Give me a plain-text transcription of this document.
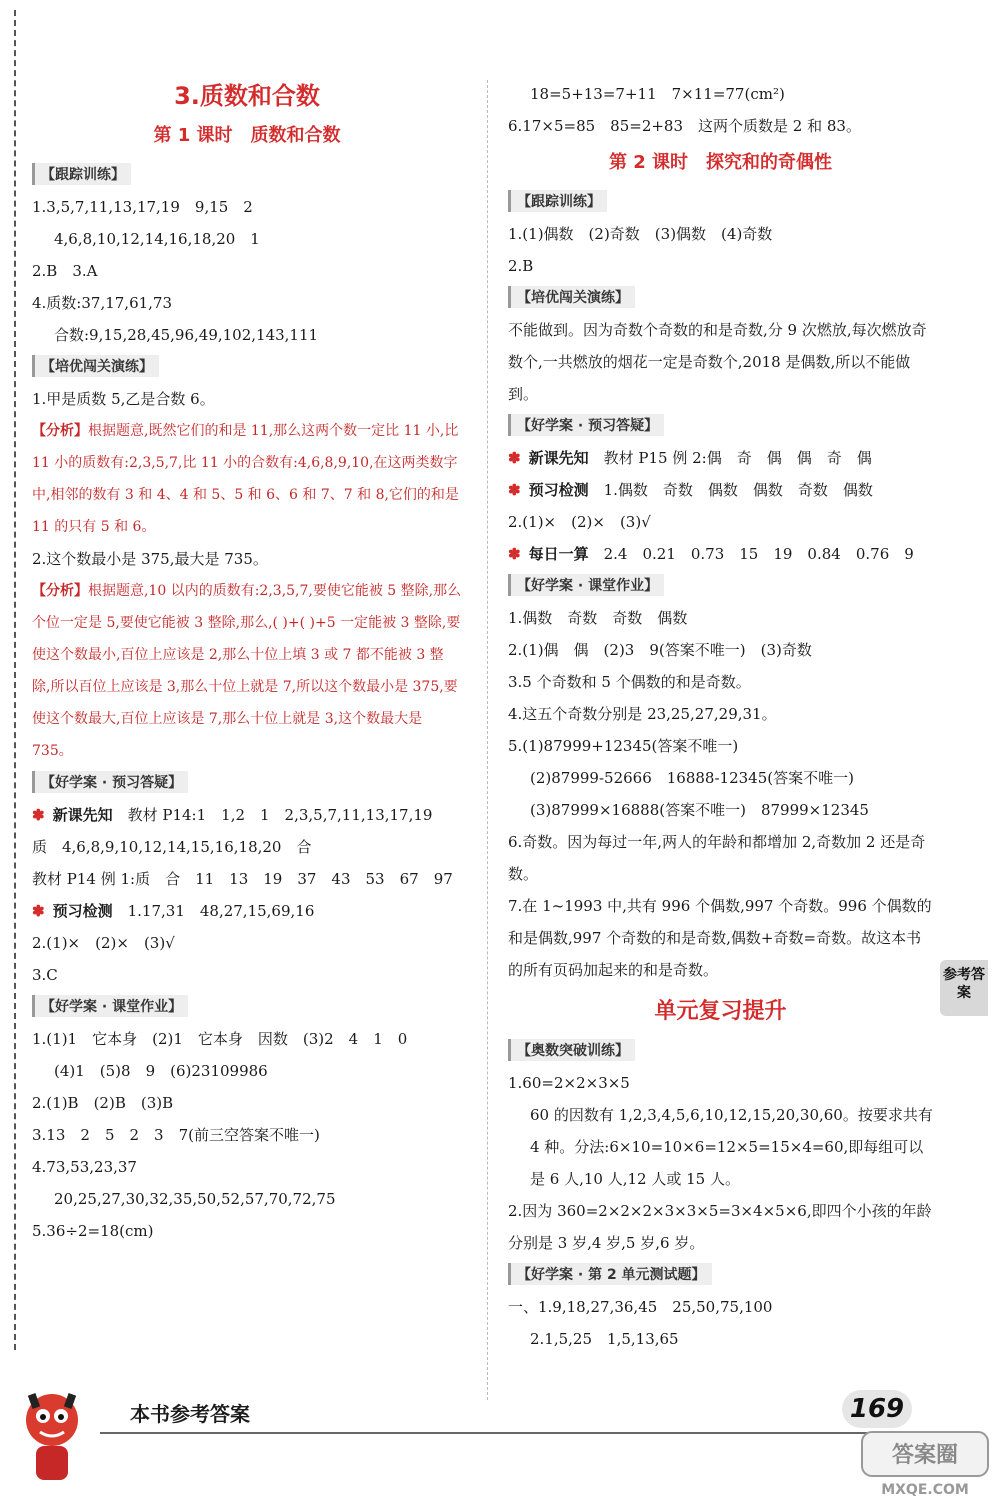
3.质数和合数
第 1 课时　质数和合数
【跟踪训练】
1.3,5,7,11,13,17,19　9,15　2
4,6,8,10,12,14,16,18,20　1
2.B　3.A
4.质数:37,17,61,73
合数:9,15,28,45,96,49,102,143,111
【培优闯关演练】
1.甲是质数 5,乙是合数 6。
【分析】根据题意,既然它们的和是 11,那么这两个数一定比 11 小,比 11 小的质数有:2,3,5,7,比 11 小的合数有:4,6,8,9,10,在这两类数字中,相邻的数有 3 和 4、4 和 5、5 和 6、6 和 7、7 和 8,它们的和是 11 的只有 5 和 6。
2.这个数最小是 375,最大是 735。
【分析】根据题意,10 以内的质数有:2,3,5,7,要使它能被 5 整除,那么个位一定是 5,要使它能被 3 整除,那么,( )+( )+5 一定能被 3 整除,要使这个数最小,百位上应该是 2,那么十位上填 3 或 7 都不能被 3 整除,所以百位上应该是 3,那么十位上就是 7,所以这个数最小是 375,要使这个数最大,百位上应该是 7,那么十位上就是 3,这个数最大是 735。
【好学案 · 预习答疑】
✽ 新课先知　 教材 P14:1　1,2　1　2,3,5,7,11,13,17,19
质　4,6,8,9,10,12,14,15,16,18,20　合
教材 P14 例 1:质　合　11　13　19　37　43　53　67　97
✽ 预习检测　 1.17,31　48,27,15,69,16
2.(1)×　(2)×　(3)√
3.C
【好学案 · 课堂作业】
1.(1)1　它本身　(2)1　它本身　因数　(3)2　4　1　0
(4)1　(5)8　9　(6)23109986
2.(1)B　(2)B　(3)B
3.13　2　5　2　3　7(前三空答案不唯一)
4.73,53,23,37
20,25,27,30,32,35,50,52,57,70,72,75
5.36÷2=18(cm)
18=5+13=7+11　7×11=77(cm²)
6.17×5=85　85=2+83　这两个质数是 2 和 83。
第 2 课时　探究和的奇偶性
【跟踪训练】
1.(1)偶数　(2)奇数　(3)偶数　(4)奇数
2.B
【培优闯关演练】
不能做到。因为奇数个奇数的和是奇数,分 9 次燃放,每次燃放奇数个,一共燃放的烟花一定是奇数个,2018 是偶数,所以不能做到。
【好学案 · 预习答疑】
✽ 新课先知　 教材 P15 例 2:偶　奇　偶　偶　奇　偶
✽ 预习检测　 1.偶数　奇数　偶数　偶数　奇数　偶数
2.(1)×　(2)×　(3)√
✽ 每日一算　 2.4　0.21　0.73　15　19　0.84　0.76　9
【好学案 · 课堂作业】
1.偶数　奇数　奇数　偶数
2.(1)偶　偶　(2)3　9(答案不唯一)　(3)奇数
3.5 个奇数和 5 个偶数的和是奇数。
4.这五个奇数分别是 23,25,27,29,31。
5.(1)87999+12345(答案不唯一)
(2)87999-52666　16888-12345(答案不唯一)
(3)87999×16888(答案不唯一)　87999×12345
6.奇数。因为每过一年,两人的年龄和都增加 2,奇数加 2 还是奇数。
7.在 1~1993 中,共有 996 个偶数,997 个奇数。996 个偶数的和是偶数,997 个奇数的和是奇数,偶数+奇数=奇数。故这本书的所有页码加起来的和是奇数。
单元复习提升
【奥数突破训练】
1.60=2×2×3×5
60 的因数有 1,2,3,4,5,6,10,12,15,20,30,60。按要求共有 4 种。分法:6×10=10×6=12×5=15×4=60,即每组可以是 6 人,10 人,12 人或 15 人。
2.因为 360=2×2×2×3×3×5=3×4×5×6,即四个小孩的年龄分别是 3 岁,4 岁,5 岁,6 岁。
【好学案 · 第 2 单元测试题】
一、1.9,18,27,36,45　25,50,75,100
2.1,5,25　1,5,13,65
参考答案
本书参考答案	169
答案圈
MXQE.COM
